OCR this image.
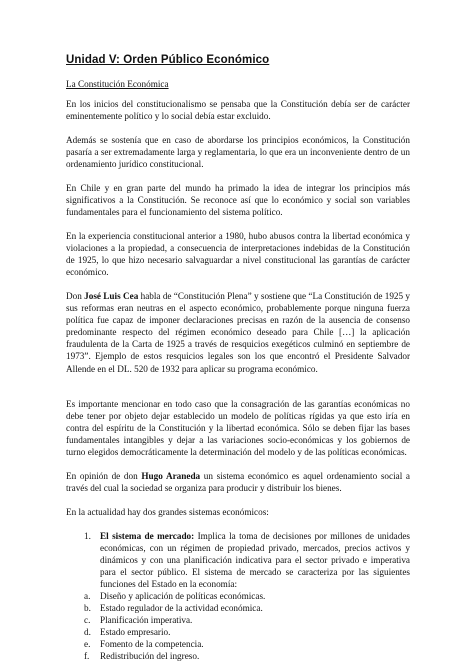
Unidad V: Orden Público Económico
La Constitución Económica
En los inicios del constitucionalismo se pensaba que la Constitución debía ser de carácter eminentemente político y lo social debía estar excluido.
Además se sostenía que en caso de abordarse los principios económicos, la Constitución pasaría a ser extremadamente larga y reglamentaria, lo que era un inconveniente dentro de un ordenamiento jurídico constitucional.
En Chile y en gran parte del mundo ha primado la idea de integrar los principios más significativos a la Constitución. Se reconoce así que lo económico y social son variables fundamentales para el funcionamiento del sistema político.
En la experiencia constitucional anterior a 1980, hubo abusos contra la libertad económica y violaciones a la propiedad, a consecuencia de interpretaciones indebidas de la Constitución de 1925, lo que hizo necesario salvaguardar a nivel constitucional las garantías de carácter económico.
Don José Luis Cea habla de “Constitución Plena” y sostiene que “La Constitución de 1925 y sus reformas eran neutras en el aspecto económico, probablemente porque ninguna fuerza política fue capaz de imponer declaraciones precisas en razón de la ausencia de consenso predominante respecto del régimen económico deseado para Chile […] la aplicación fraudulenta de la Carta de 1925 a través de resquicios exegéticos culminó en septiembre de 1973”. Ejemplo de estos resquicios legales son los que encontró el Presidente Salvador Allende en el DL. 520 de 1932 para aplicar su programa económico.
Es importante mencionar en todo caso que la consagración de las garantías económicas no debe tener por objeto dejar establecido un modelo de políticas rígidas ya que esto iría en contra del espíritu de la Constitución y la libertad económica. Sólo se deben fijar las bases fundamentales intangibles y dejar a las variaciones socio-económicas y los gobiernos de turno elegidos democráticamente la determinación del modelo y de las políticas económicas.
En opinión de don Hugo Araneda un sistema económico es aquel ordenamiento social a través del cual la sociedad se organiza para producir y distribuir los bienes.
En la actualidad hay dos grandes sistemas económicos:
1. El sistema de mercado: Implica la toma de decisiones por millones de unidades económicas, con un régimen de propiedad privado, mercados, precios activos y dinámicos y con una planificación indicativa para el sector privado e imperativa para el sector público. El sistema de mercado se caracteriza por las siguientes funciones del Estado en la economía:
a. Diseño y aplicación de políticas económicas.
b. Estado regulador de la actividad económica.
c. Planificación imperativa.
d. Estado empresario.
e. Fomento de la competencia.
f. Redistribución del ingreso.
